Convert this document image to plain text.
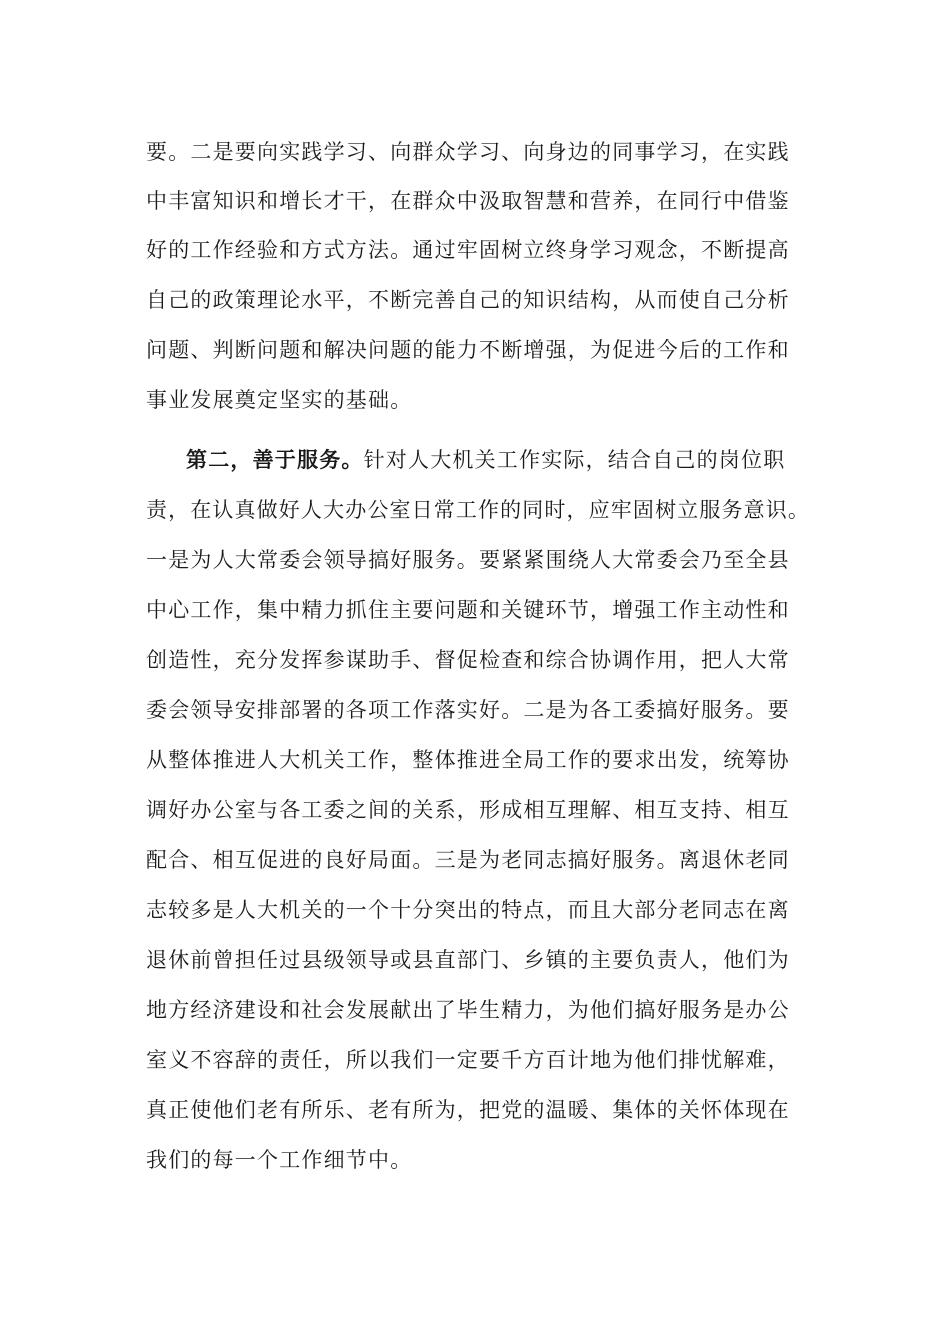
要。二是要向实践学习、向群众学习、向身边的同事学习，在实践
中丰富知识和增长才干，在群众中汲取智慧和营养，在同行中借鉴
好的工作经验和方式方法。通过牢固树立终身学习观念，不断提高
自己的政策理论水平，不断完善自己的知识结构，从而使自己分析
问题、判断问题和解决问题的能力不断增强，为促进今后的工作和
事业发展奠定坚实的基础。
第二，善于服务。针对人大机关工作实际，结合自己的岗位职
责，在认真做好人大办公室日常工作的同时，应牢固树立服务意识。
一是为人大常委会领导搞好服务。要紧紧围绕人大常委会乃至全县
中心工作，集中精力抓住主要问题和关键环节，增强工作主动性和
创造性，充分发挥参谋助手、督促检查和综合协调作用，把人大常
委会领导安排部署的各项工作落实好。二是为各工委搞好服务。要
从整体推进人大机关工作，整体推进全局工作的要求出发，统筹协
调好办公室与各工委之间的关系，形成相互理解、相互支持、相互
配合、相互促进的良好局面。三是为老同志搞好服务。离退休老同
志较多是人大机关的一个十分突出的特点，而且大部分老同志在离
退休前曾担任过县级领导或县直部门、乡镇的主要负责人，他们为
地方经济建设和社会发展献出了毕生精力，为他们搞好服务是办公
室义不容辞的责任，所以我们一定要千方百计地为他们排忧解难，
真正使他们老有所乐、老有所为，把党的温暖、集体的关怀体现在
我们的每一个工作细节中。
